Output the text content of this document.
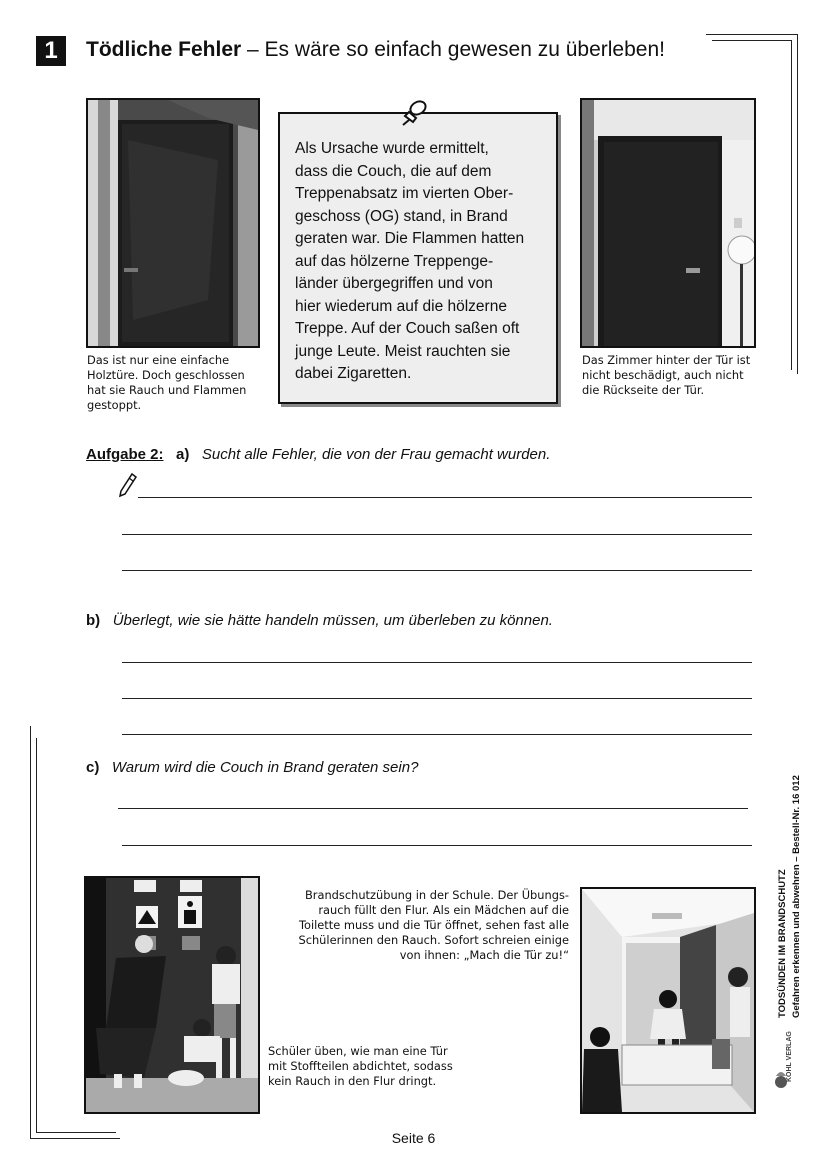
1	Tödliche Fehler – Es wäre so einfach gewesen zu überleben!
Das ist nur eine einfache
Holztüre. Doch geschlossen
hat sie Rauch und Flammen
gestoppt.
Als Ursache wurde ermittelt,
dass die Couch, die auf dem
Treppenabsatz im vierten Ober-
geschoss (OG) stand, in Brand
geraten war. Die Flammen hatten
auf das hölzerne Treppenge-
länder übergegriffen und von
hier wiederum auf die hölzerne
Treppe. Auf der Couch saßen oft
junge Leute. Meist rauchten sie
dabei Zigaretten.
Das Zimmer hinter der Tür ist
nicht beschädigt, auch nicht
die Rückseite der Tür.
Aufgabe 2: a) Sucht alle Fehler, die von der Frau gemacht wurden.
b) Überlegt, wie sie hätte handeln müssen, um überleben zu können.
c) Warum wird die Couch in Brand geraten sein?
Schüler üben, wie man eine Tür
mit Stoffteilen abdichtet, sodass
kein Rauch in den Flur dringt.
Brandschutzübung in der Schule. Der Übungs-
rauch füllt den Flur. Als ein Mädchen auf die
Toilette muss und die Tür öffnet, sehen fast alle
Schülerinnen den Rauch. Sofort schreien einige
von ihnen: „Mach die Tür zu!“	TODSÜNDEN IM BRANDSCHUTZ Gefahren erkennen und abwehren – Bestell-Nr. 16 012
KOHL VERLAG
Seite 6
